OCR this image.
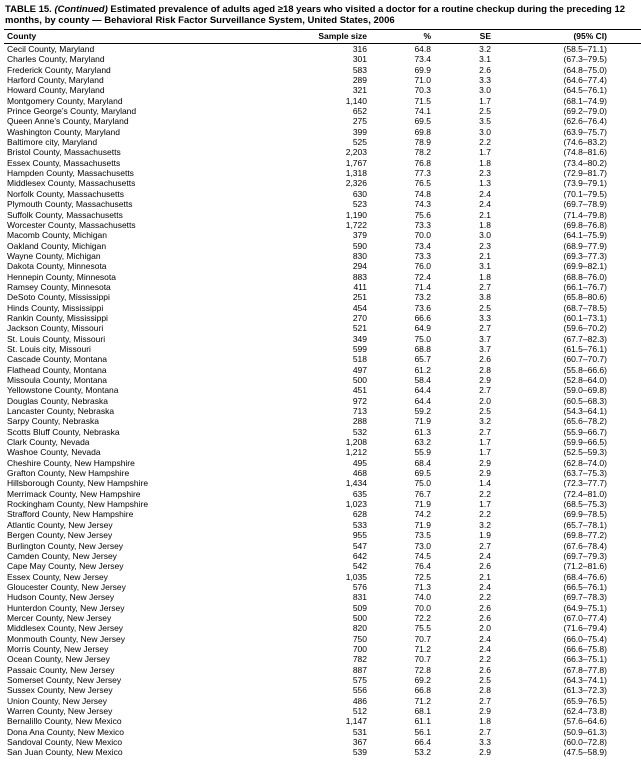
TABLE 15. (Continued) Estimated prevalence of adults aged ≥18 years who visited a doctor for a routine checkup during the preceding 12 months, by county — Behavioral Risk Factor Surveillance System, United States, 2006
County	Sample size	%	SE	(95% CI)
Cecil County, Maryland	316	64.8	3.2	(58.5–71.1)
Charles County, Maryland	301	73.4	3.1	(67.3–79.5)
Frederick County, Maryland	583	69.9	2.6	(64.8–75.0)
Harford County, Maryland	289	71.0	3.3	(64.6–77.4)
Howard County, Maryland	321	70.3	3.0	(64.5–76.1)
Montgomery County, Maryland	1,140	71.5	1.7	(68.1–74.9)
Prince George’s County, Maryland	652	74.1	2.5	(69.2–79.0)
Queen Anne’s County, Maryland	275	69.5	3.5	(62.6–76.4)
Washington County, Maryland	399	69.8	3.0	(63.9–75.7)
Baltimore city, Maryland	525	78.9	2.2	(74.6–83.2)
Bristol County, Massachusetts	2,203	78.2	1.7	(74.8–81.6)
Essex County, Massachusetts	1,767	76.8	1.8	(73.4–80.2)
Hampden County, Massachusetts	1,318	77.3	2.3	(72.9–81.7)
Middlesex County, Massachusetts	2,326	76.5	1.3	(73.9–79.1)
Norfolk County, Massachusetts	630	74.8	2.4	(70.1–79.5)
Plymouth County, Massachusetts	523	74.3	2.4	(69.7–78.9)
Suffolk County, Massachusetts	1,190	75.6	2.1	(71.4–79.8)
Worcester County, Massachusetts	1,722	73.3	1.8	(69.8–76.8)
Macomb County, Michigan	379	70.0	3.0	(64.1–75.9)
Oakland County, Michigan	590	73.4	2.3	(68.9–77.9)
Wayne County, Michigan	830	73.3	2.1	(69.3–77.3)
Dakota County, Minnesota	294	76.0	3.1	(69.9–82.1)
Hennepin County, Minnesota	883	72.4	1.8	(68.8–76.0)
Ramsey County, Minnesota	411	71.4	2.7	(66.1–76.7)
DeSoto County, Mississippi	251	73.2	3.8	(65.8–80.6)
Hinds County, Mississippi	454	73.6	2.5	(68.7–78.5)
Rankin County, Mississippi	270	66.6	3.3	(60.1–73.1)
Jackson County, Missouri	521	64.9	2.7	(59.6–70.2)
St. Louis County, Missouri	349	75.0	3.7	(67.7–82.3)
St. Louis city, Missouri	599	68.8	3.7	(61.5–76.1)
Cascade County, Montana	518	65.7	2.6	(60.7–70.7)
Flathead County, Montana	497	61.2	2.8	(55.8–66.6)
Missoula County, Montana	500	58.4	2.9	(52.8–64.0)
Yellowstone County, Montana	451	64.4	2.7	(59.0–69.8)
Douglas County, Nebraska	972	64.4	2.0	(60.5–68.3)
Lancaster County, Nebraska	713	59.2	2.5	(54.3–64.1)
Sarpy County, Nebraska	288	71.9	3.2	(65.6–78.2)
Scotts Bluff County, Nebraska	532	61.3	2.7	(55.9–66.7)
Clark County, Nevada	1,208	63.2	1.7	(59.9–66.5)
Washoe County, Nevada	1,212	55.9	1.7	(52.5–59.3)
Cheshire County, New Hampshire	495	68.4	2.9	(62.8–74.0)
Grafton County, New Hampshire	468	69.5	2.9	(63.7–75.3)
Hillsborough County, New Hampshire	1,434	75.0	1.4	(72.3–77.7)
Merrimack County, New Hampshire	635	76.7	2.2	(72.4–81.0)
Rockingham County, New Hampshire	1,023	71.9	1.7	(68.5–75.3)
Strafford County, New Hampshire	628	74.2	2.2	(69.9–78.5)
Atlantic County, New Jersey	533	71.9	3.2	(65.7–78.1)
Bergen County, New Jersey	955	73.5	1.9	(69.8–77.2)
Burlington County, New Jersey	547	73.0	2.7	(67.6–78.4)
Camden County, New Jersey	642	74.5	2.4	(69.7–79.3)
Cape May County, New Jersey	542	76.4	2.6	(71.2–81.6)
Essex County, New Jersey	1,035	72.5	2.1	(68.4–76.6)
Gloucester County, New Jersey	576	71.3	2.4	(66.5–76.1)
Hudson County, New Jersey	831	74.0	2.2	(69.7–78.3)
Hunterdon County, New Jersey	509	70.0	2.6	(64.9–75.1)
Mercer County, New Jersey	500	72.2	2.6	(67.0–77.4)
Middlesex County, New Jersey	820	75.5	2.0	(71.6–79.4)
Monmouth County, New Jersey	750	70.7	2.4	(66.0–75.4)
Morris County, New Jersey	700	71.2	2.4	(66.6–75.8)
Ocean County, New Jersey	782	70.7	2.2	(66.3–75.1)
Passaic County, New Jersey	887	72.8	2.6	(67.8–77.8)
Somerset County, New Jersey	575	69.2	2.5	(64.3–74.1)
Sussex County, New Jersey	556	66.8	2.8	(61.3–72.3)
Union County, New Jersey	486	71.2	2.7	(65.9–76.5)
Warren County, New Jersey	512	68.1	2.9	(62.4–73.8)
Bernalillo County, New Mexico	1,147	61.1	1.8	(57.6–64.6)
Dona Ana County, New Mexico	531	56.1	2.7	(50.9–61.3)
Sandoval County, New Mexico	367	66.4	3.3	(60.0–72.8)
San Juan County, New Mexico	539	53.2	2.9	(47.5–58.9)
